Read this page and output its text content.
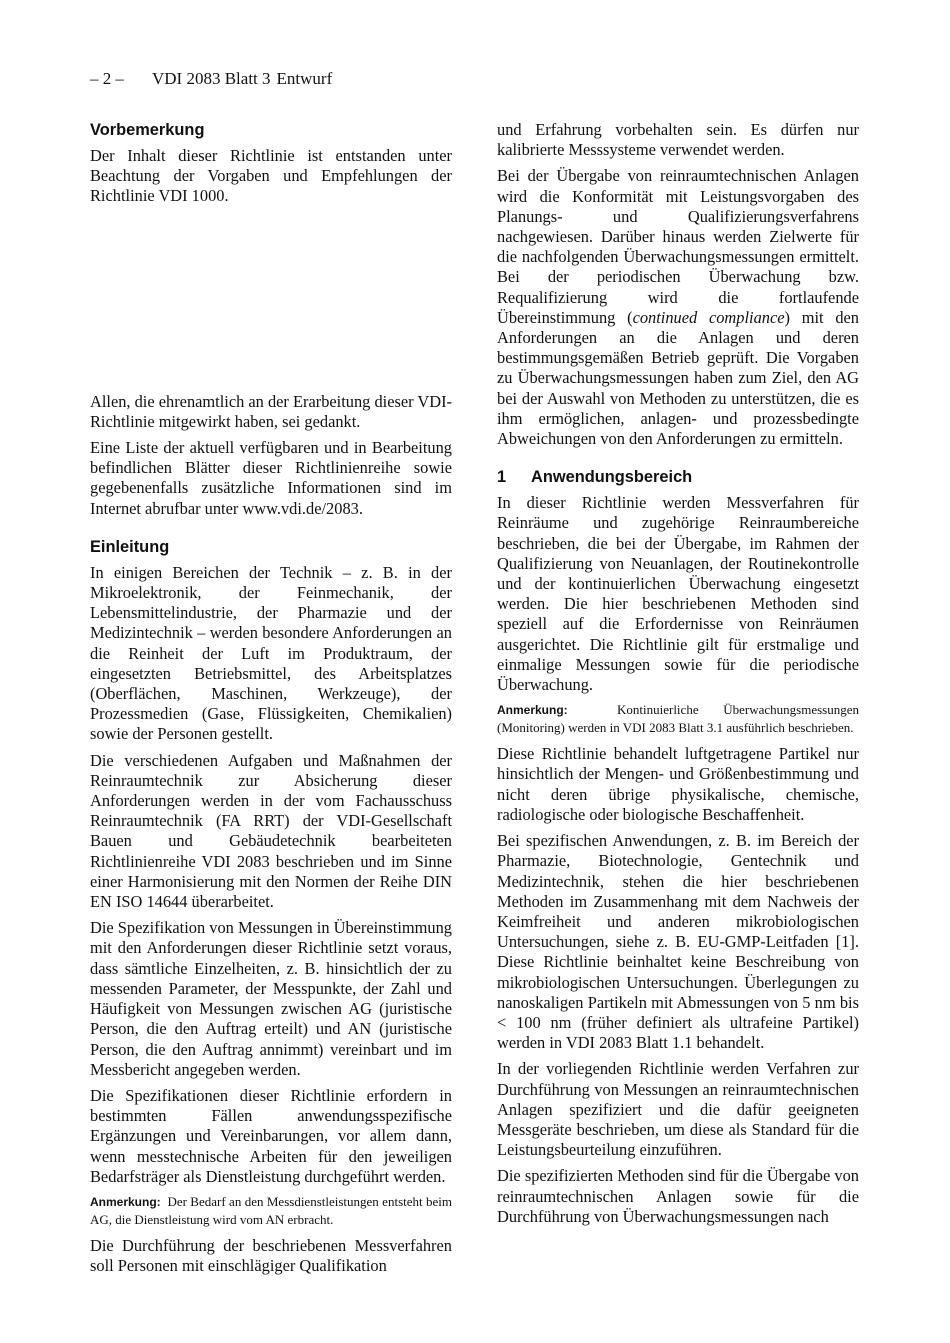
– 2 – VDI 2083 Blatt 3 Entwurf
Vorbemerkung

Der Inhalt dieser Richtlinie ist entstanden unter Beachtung der Vorgaben und Empfehlungen der Richtlinie VDI 1000.

Allen, die ehrenamtlich an der Erarbeitung dieser VDI-Richtlinie mitgewirkt haben, sei gedankt.

Eine Liste der aktuell verfügbaren und in Bearbeitung befindlichen Blätter dieser Richtlinienreihe sowie gegebenenfalls zusätzliche Informationen sind im Internet abrufbar unter www.vdi.de/2083.

Einleitung

In einigen Bereichen der Technik – z. B. in der Mikroelektronik, der Feinmechanik, der Lebensmittelindustrie, der Pharmazie und der Medizintechnik – werden besondere Anforderungen an die Reinheit der Luft im Produktraum, der eingesetzten Betriebsmittel, des Arbeitsplatzes (Oberflächen, Maschinen, Werkzeuge), der Prozessmedien (Gase, Flüssigkeiten, Chemikalien) sowie der Personen gestellt.

Die verschiedenen Aufgaben und Maßnahmen der Reinraumtechnik zur Absicherung dieser Anforderungen werden in der vom Fachausschuss Reinraumtechnik (FA RRT) der VDI-Gesellschaft Bauen und Gebäudetechnik bearbeiteten Richtlinienreihe VDI 2083 beschrieben und im Sinne einer Harmonisierung mit den Normen der Reihe DIN EN ISO 14644 überarbeitet.

Die Spezifikation von Messungen in Übereinstimmung mit den Anforderungen dieser Richtlinie setzt voraus, dass sämtliche Einzelheiten, z. B. hinsichtlich der zu messenden Parameter, der Messpunkte, der Zahl und Häufigkeit von Messungen zwischen AG (juristische Person, die den Auftrag erteilt) und AN (juristische Person, die den Auftrag annimmt) vereinbart und im Messbericht angegeben werden.

Die Spezifikationen dieser Richtlinie erfordern in bestimmten Fällen anwendungsspezifische Ergänzungen und Vereinbarungen, vor allem dann, wenn messtechnische Arbeiten für den jeweiligen Bedarfsträger als Dienstleistung durchgeführt werden.

Anmerkung: Der Bedarf an den Messdienstleistungen entsteht beim AG, die Dienstleistung wird vom AN erbracht.

Die Durchführung der beschriebenen Messverfahren soll Personen mit einschlägiger Qualifikation

und Erfahrung vorbehalten sein. Es dürfen nur kalibrierte Messsysteme verwendet werden.

Bei der Übergabe von reinraumtechnischen Anlagen wird die Konformität mit Leistungsvorgaben des Planungs- und Qualifizierungsverfahrens nachgewiesen. Darüber hinaus werden Zielwerte für die nachfolgenden Überwachungsmessungen ermittelt. Bei der periodischen Überwachung bzw. Requalifizierung wird die fortlaufende Übereinstimmung (continued compliance) mit den Anforderungen an die Anlagen und deren bestimmungsgemäßen Betrieb geprüft. Die Vorgaben zu Überwachungsmessungen haben zum Ziel, den AG bei der Auswahl von Methoden zu unterstützen, die es ihm ermöglichen, anlagen- und prozessbedingte Abweichungen von den Anforderungen zu ermitteln.

1 Anwendungsbereich

In dieser Richtlinie werden Messverfahren für Reinräume und zugehörige Reinraumbereiche beschrieben, die bei der Übergabe, im Rahmen der Qualifizierung von Neuanlagen, der Routinekontrolle und der kontinuierlichen Überwachung eingesetzt werden. Die hier beschriebenen Methoden sind speziell auf die Erfordernisse von Reinräumen ausgerichtet. Die Richtlinie gilt für erstmalige und einmalige Messungen sowie für die periodische Überwachung.

Anmerkung:	Kontinuierliche Überwachungsmessungen (Monitoring) werden in VDI 2083 Blatt 3.1 ausführlich beschrieben.

Diese Richtlinie behandelt luftgetragene Partikel nur hinsichtlich der Mengen- und Größenbestimmung und nicht deren übrige physikalische, chemische, radiologische oder biologische Beschaffenheit.

Bei spezifischen Anwendungen, z. B. im Bereich der Pharmazie, Biotechnologie, Gentechnik und Medizintechnik, stehen die hier beschriebenen Methoden im Zusammenhang mit dem Nachweis der Keimfreiheit und anderen mikrobiologischen Untersuchungen, siehe z. B. EU-GMP-Leitfaden [1]. Diese Richtlinie beinhaltet keine Beschreibung von mikrobiologischen Untersuchungen. Überlegungen zu nanoskaligen Partikeln mit Abmessungen von 5 nm bis < 100 nm (früher definiert als ultrafeine Partikel) werden in VDI 2083 Blatt 1.1 behandelt.

In der vorliegenden Richtlinie werden Verfahren zur Durchführung von Messungen an reinraumtechnischen Anlagen spezifiziert und die dafür geeigneten Messgeräte beschrieben, um diese als Standard für die Leistungsbeurteilung einzuführen.

Die spezifizierten Methoden sind für die Übergabe von reinraumtechnischen Anlagen sowie für die Durchführung von Überwachungsmessungen nach
